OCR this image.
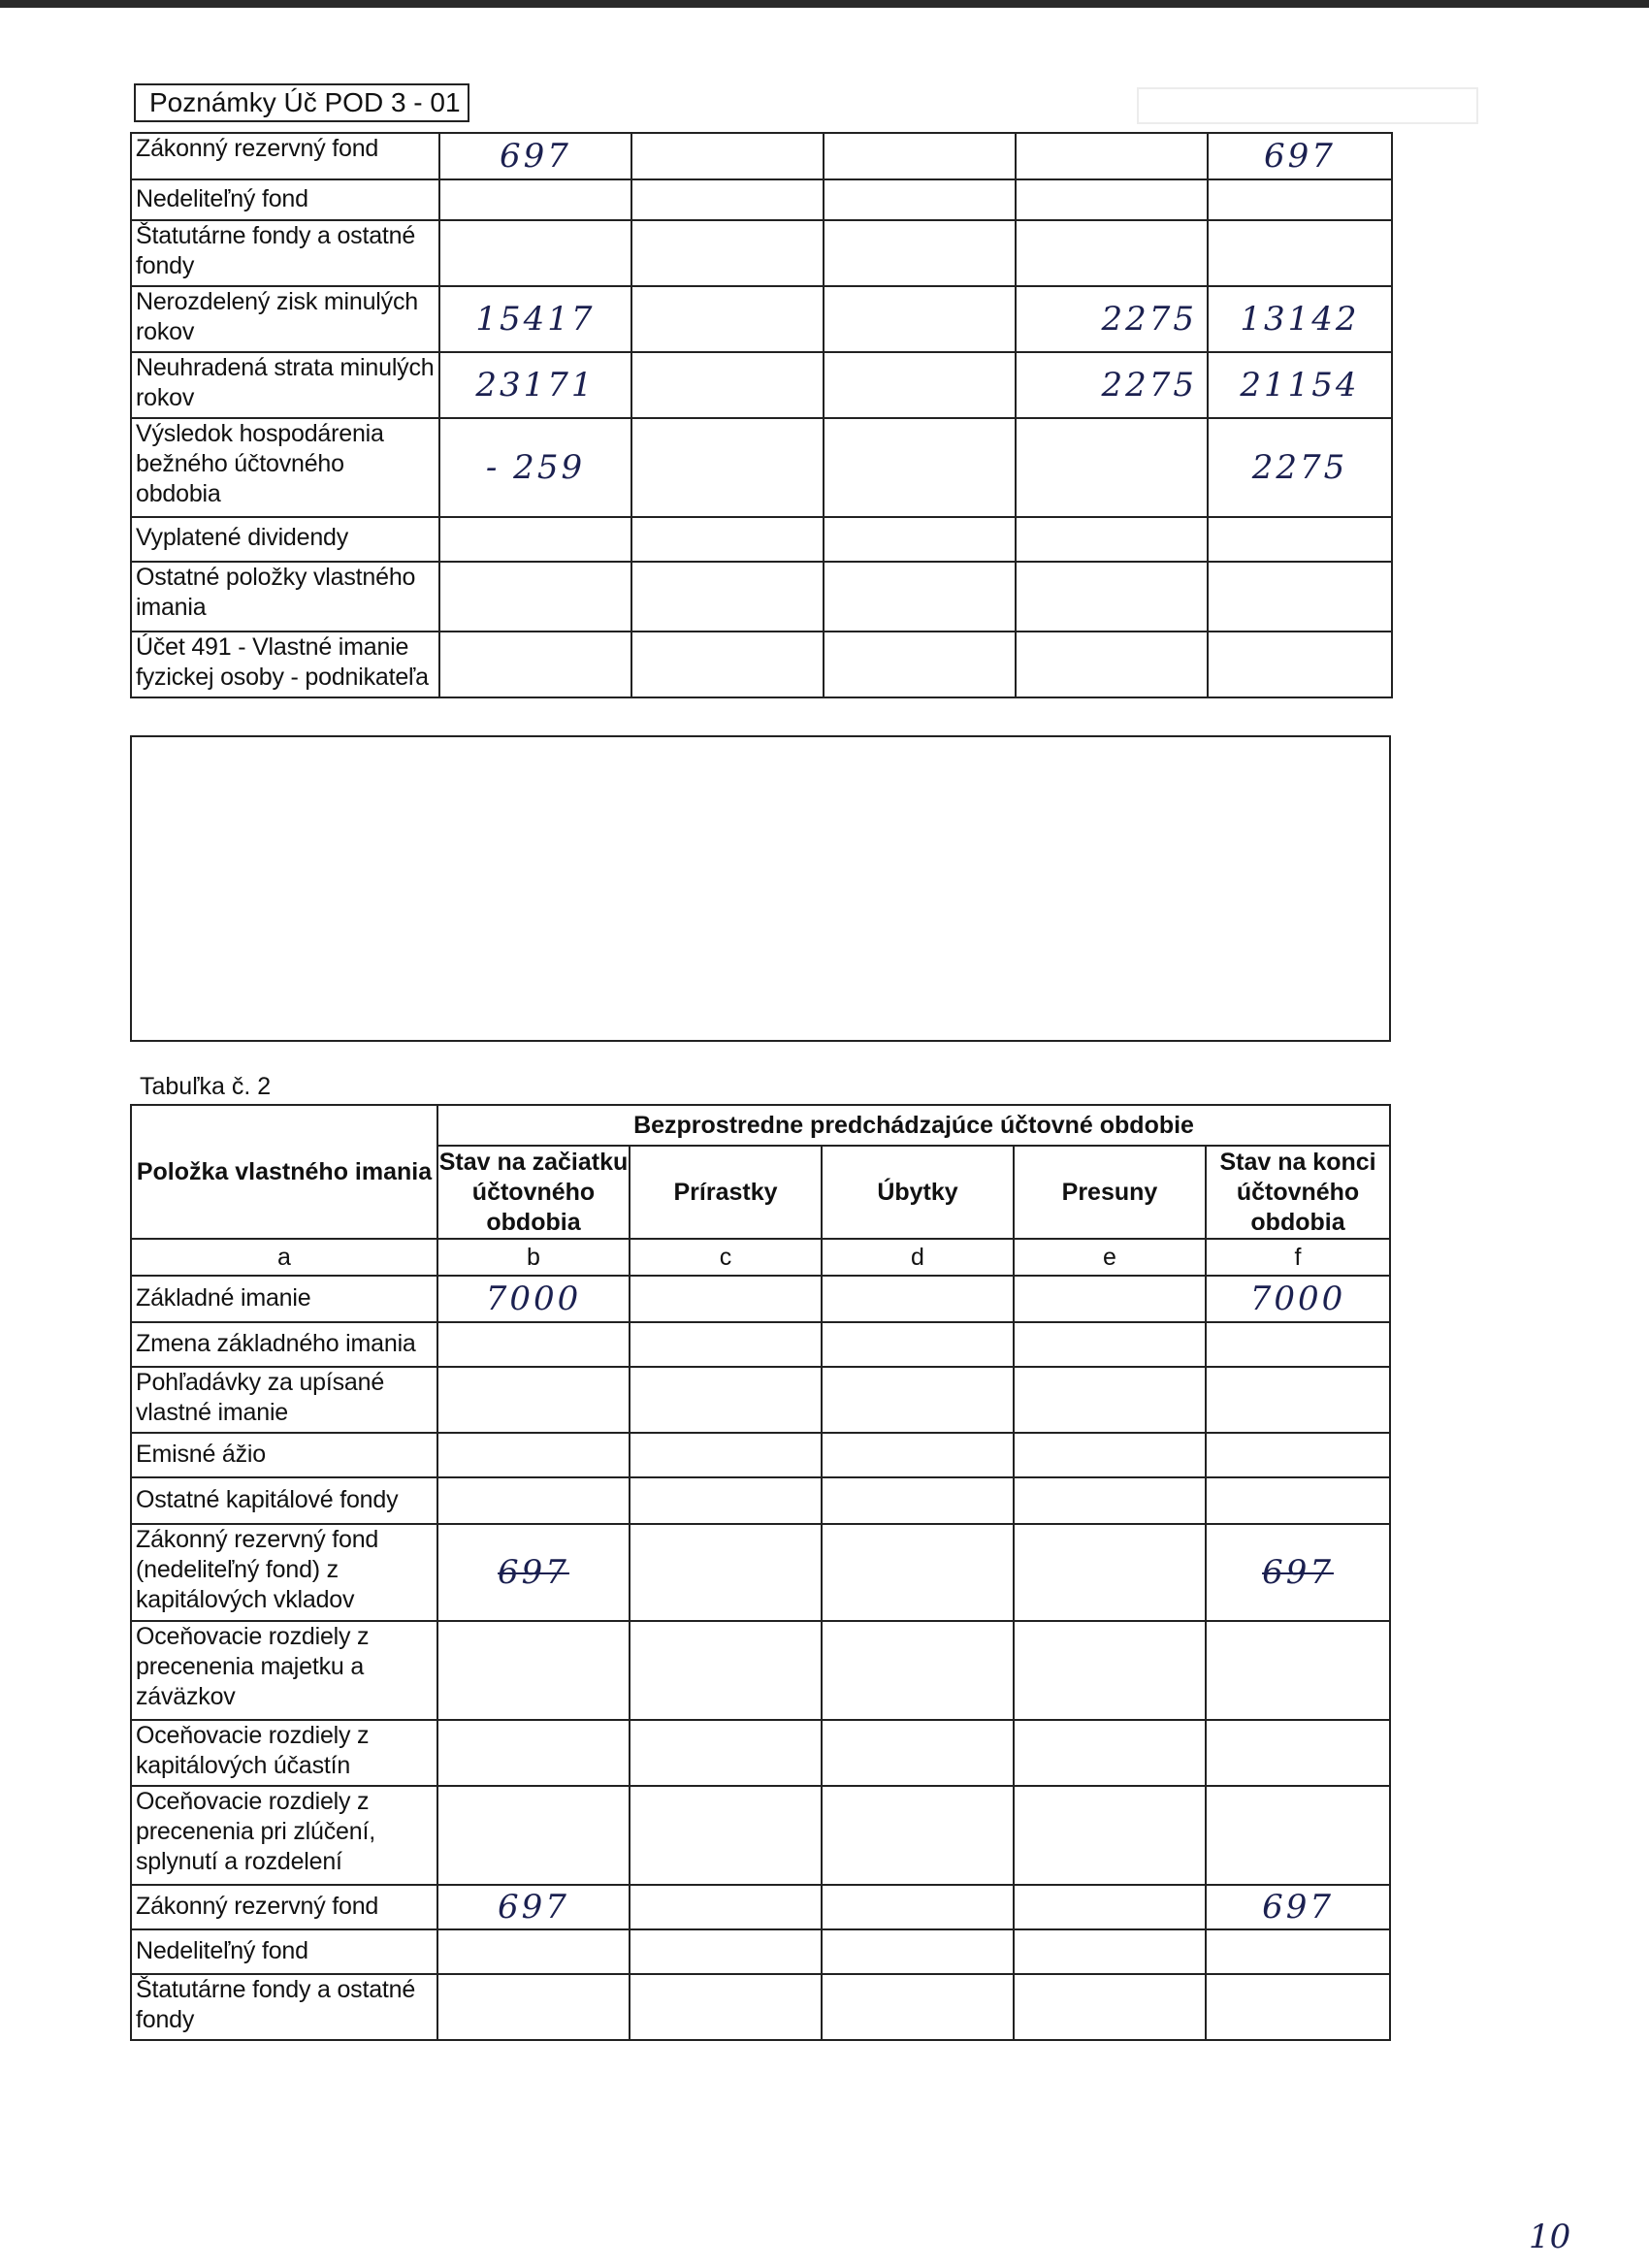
Poznámky Úč POD 3 - 01
Zákonný rezervný fond	697				697
Nedeliteľný fond					
Štatutárne fondy a ostatné fondy					
Nerozdelený zisk minulých rokov	15417			2275	13142
Neuhradená strata minulých rokov	23171			2275	21154
Výsledok hospodárenia bežného účtovného obdobia	- 259				2275
Vyplatené dividendy					
Ostatné položky vlastného imania					
Účet 491 - Vlastné imanie fyzickej osoby - podnikateľa					
Tabuľka č. 2
Položka vlastného imania	Bezprostredne predchádzajúce účtovné obdobie				
	Stav na začiatku účtovného obdobia	Prírastky	Úbytky	Presuny	Stav na konci účtovného obdobia
a	b	c	d	e	f
Základné imanie	7000				7000
Zmena základného imania					
Pohľadávky za upísané vlastné imanie					
Emisné ážio					
Ostatné kapitálové fondy					
Zákonný rezervný fond (nedeliteľný fond) z kapitálových vkladov	697				697
Oceňovacie rozdiely z precenenia majetku a záväzkov					
Oceňovacie rozdiely z kapitálových účastín					
Oceňovacie rozdiely z precenenia pri zlúčení, splynutí a rozdelení					
Zákonný rezervný fond	697				697
Nedeliteľný fond					
Štatutárne fondy a ostatné fondy					
10
